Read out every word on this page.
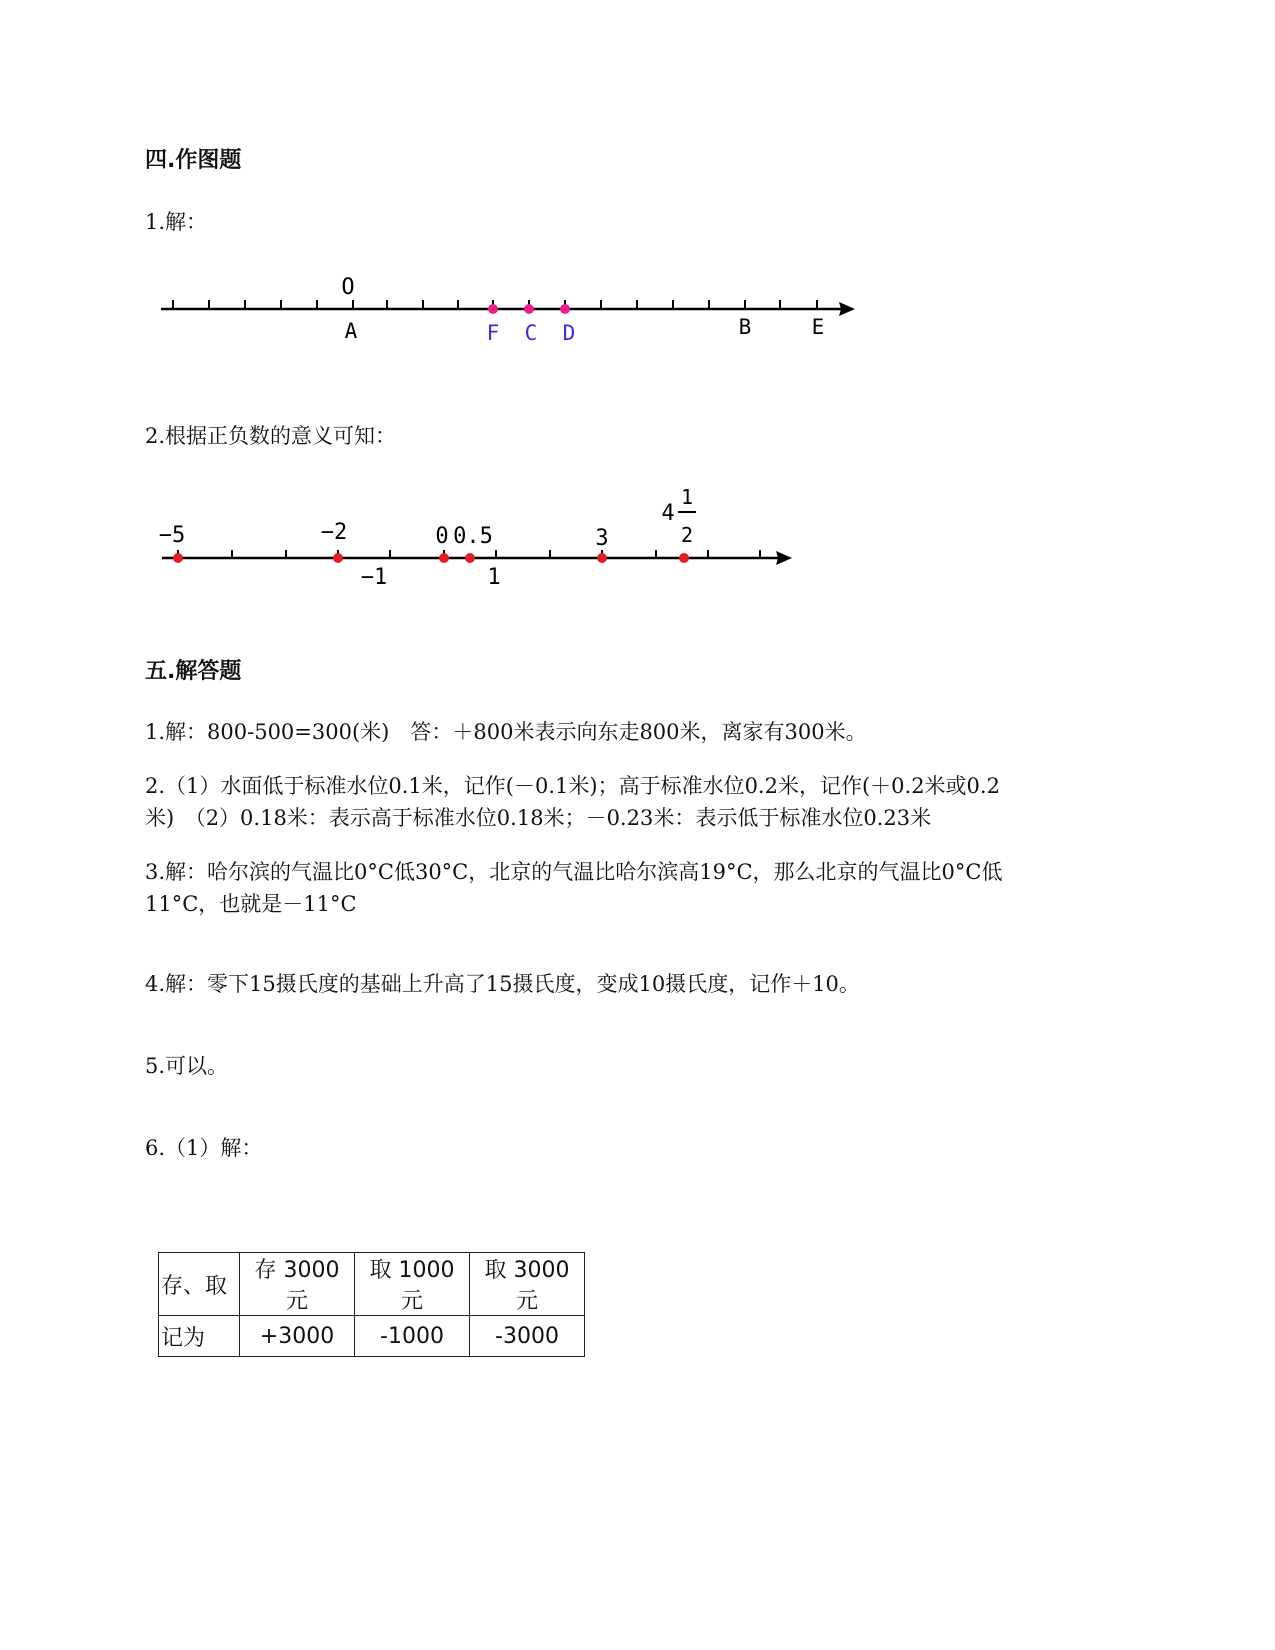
四.作图题
1.解：
O
A	F C D	B	E
2.根据正负数的意义可知：
−5	−2
−1
0 0.5
1
3
4
1
2
五.解答题
1.解：800-500=300(米)　答：＋800米表示向东走800米，离家有300米。
2.（1）水面低于标准水位0.1米，记作(－0.1米)；高于标准水位0.2米，记作(＋0.2米或0.2
米)　（2）0.18米：表示高于标准水位0.18米；－0.23米：表示低于标准水位0.23米
3.解：哈尔滨的气温比0°C低30°C，北京的气温比哈尔滨高19°C，那么北京的气温比0°C低
11°C，也就是－11°C
4.解：零下15摄氏度的基础上升高了15摄氏度，变成10摄氏度，记作＋10。
5.可以。
6.（1）解：
存、取	存 3000 元	取 1000 元	取 3000 元
记为	+3000	-1000	-3000
